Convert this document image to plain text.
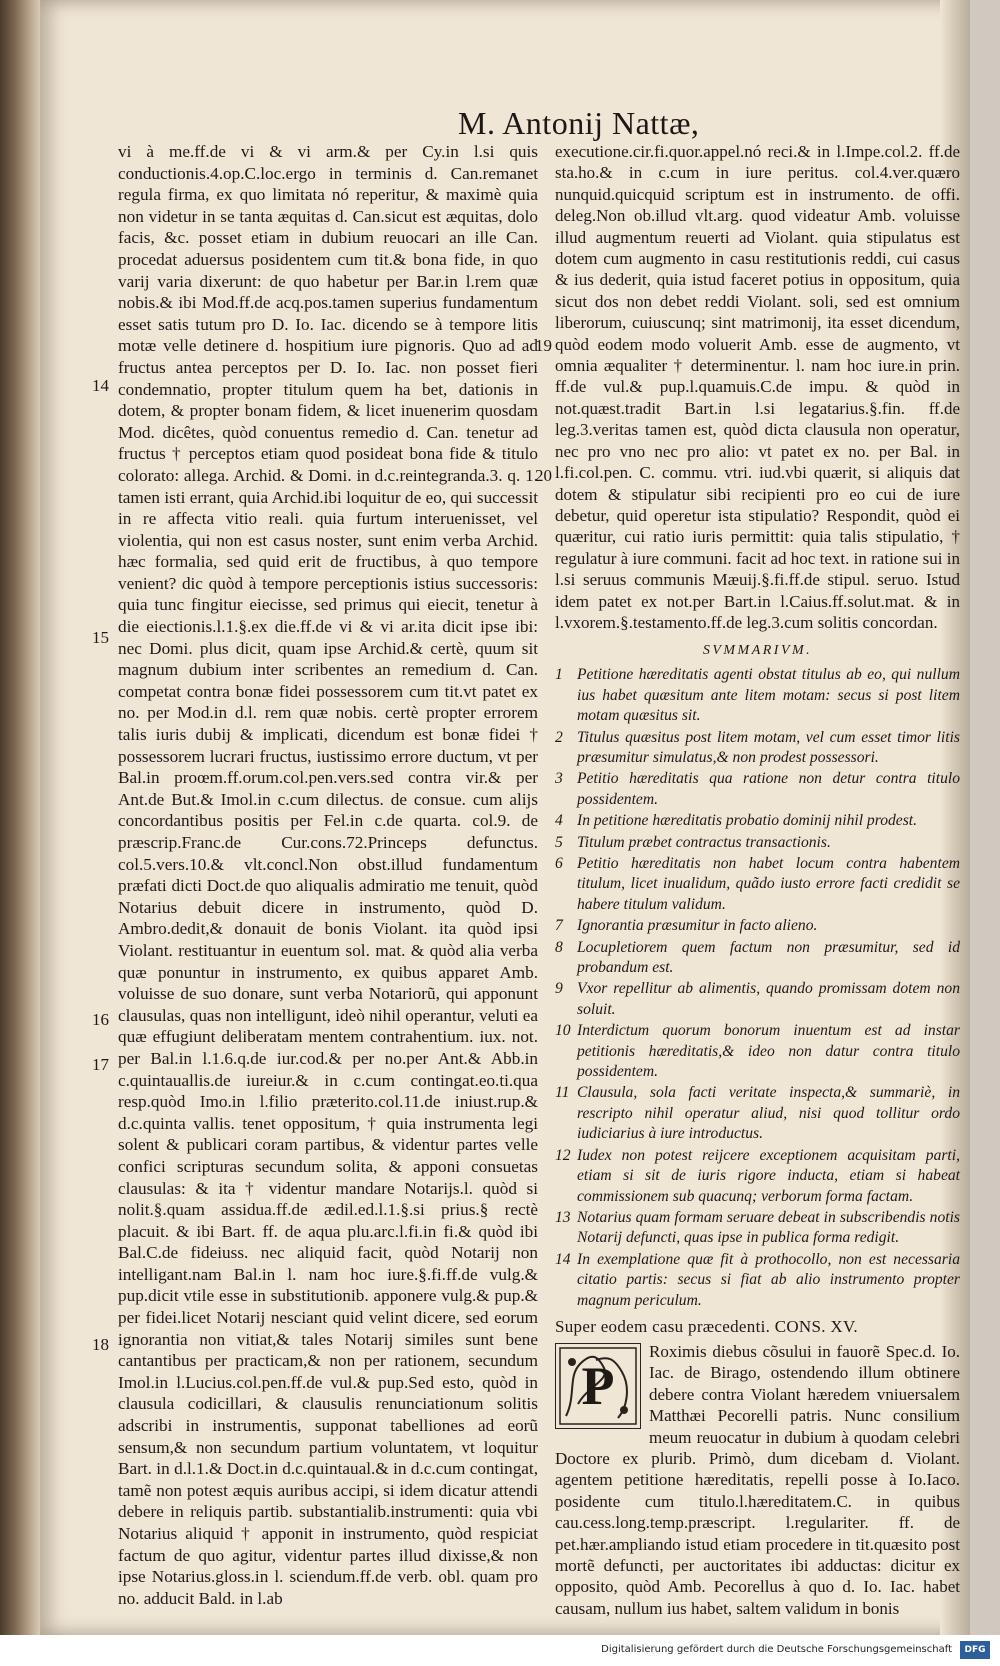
M. Antonij Nattæ,
14
15
16
17
18
19
20

vi à me.ff.de vi & vi arm.& per Cy.in l.si quis conductionis.4.op.C.loc.ergo in terminis d. Can.remanet regula firma, ex quo limitata nó reperitur, & maximè quia non videtur in se tanta æquitas d. Can.sicut est æquitas, dolo facis, &c. posset etiam in dubium reuocari an ille Can. procedat aduersus posidentem cum tit.& bona fide, in quo varij varia dixerunt: de quo habetur per Bar.in l.rem quæ nobis.& ibi Mod.ff.de acq.pos.tamen superius fundamentum esset satis tutum pro D. Io. Iac. dicendo se à tempore litis motæ velle detinere d. hospitium iure pignoris. Quo ad ad fructus antea perceptos per D. Io. Iac. non posset fieri condemnatio, propter titulum quem ha bet, dationis in dotem, & propter bonam fidem, & licet inuenerim quosdam Mod. dicêtes, quòd conuentus remedio d. Can. tenetur ad fructus † perceptos etiam quod posideat bona fide & titulo colorato: allega. Archid. & Domi. in d.c.reintegranda.3. q. 1. tamen isti errant, quia Archid.ibi loquitur de eo, qui successit in re affecta vitio reali. quia furtum interuenisset, vel violentia, qui non est casus noster, sunt enim verba Archid. hæc formalia, sed quid erit de fructibus, à quo tempore venient? dic quòd à tempore perceptionis istius successoris: quia tunc fingitur eiecisse, sed primus qui eiecit, tenetur à die eiectionis.l.1.§.ex die.ff.de vi & vi ar.ita dicit ipse ibi: nec Domi. plus dicit, quam ipse Archid.& certè, quum sit magnum dubium inter scribentes an remedium d. Can. competat contra bonæ fidei possessorem cum tit.vt patet ex no. per Mod.in d.l. rem quæ nobis. certè propter errorem talis iuris dubij & implicati, dicendum est bonæ fidei † possessorem lucrari fructus, iustissimo errore ductum, vt per Bal.in proœm.ff.orum.col.pen.vers.sed contra vir.& per Ant.de But.& Imol.in c.cum dilectus. de consue. cum alijs concordantibus positis per Fel.in c.de quarta. col.9. de præscrip.Franc.de Cur.cons.72.Princeps defunctus. col.5.vers.10.& vlt.concl.Non obst.illud fundamentum præfati dicti Doct.de quo aliqualis admiratio me tenuit, quòd Notarius debuit dicere in instrumento, quòd D. Ambro.dedit,& donauit de bonis Violant. ita quòd ipsi Violant. restituantur in euentum sol. mat. & quòd alia verba quæ ponuntur in instrumento, ex quibus apparet Amb. voluisse de suo donare, sunt verba Notariorũ, qui apponunt clausulas, quas non intelligunt, ideò nihil operantur, veluti ea quæ effugiunt deliberatam mentem contrahentium. iux. not. per Bal.in l.1.6.q.de iur.cod.& per no.per Ant.& Abb.in c.quintauallis.de iureiur.& in c.cum contingat.eo.ti.qua resp.quòd Imo.in l.filio præterito.col.11.de iniust.rup.& d.c.quinta vallis. tenet oppositum, † quia instrumenta legi solent & publicari coram partibus, & videntur partes velle confici scripturas secundum solita, & apponi consuetas clausulas: & ita † videntur mandare Notarijs.l. quòd si nolit.§.quam assidua.ff.de ædil.ed.l.1.§.si prius.§ rectè placuit. & ibi Bart. ff. de aqua plu.arc.l.fi.in fi.& quòd ibi Bal.C.de fideiuss. nec aliquid facit, quòd Notarij non intelligant.nam Bal.in l. nam hoc iure.§.fi.ff.de vulg.& pup.dicit vtile esse in substitutionib. apponere vulg.& pup.& per fidei.licet Notarij nesciant quid velint dicere, sed eorum ignorantia non vitiat,& tales Notarij similes sunt bene cantantibus per practicam,& non per rationem, secundum Imol.in l.Lucius.col.pen.ff.de vul.& pup.Sed esto, quòd in clausula codicillari, & clausulis renunciationum solitis adscribi in instrumentis, supponat tabelliones ad eorũ sensum,& non secundum partium voluntatem, vt loquitur Bart. in d.l.1.& Doct.in d.c.quintaual.& in d.c.cum contingat, tamẽ non potest æquis auribus accipi, si idem dicatur attendi debere in reliquis partib. substantialib.instrumenti: quia vbi Notarius aliquid † apponit in instrumento, quòd respiciat factum de quo agitur, videntur partes illud dixisse,& non ipse Notarius.gloss.in l. sciendum.ff.de verb. obl. quam pro no. adducit Bald. in l.ab

executione.cir.fi.quor.appel.nó reci.& in l.Impe.col.2. ff.de sta.ho.& in c.cum in iure peritus. col.4.ver.quæro nunquid.quicquid scriptum est in instrumento. de offi. deleg.Non ob.illud vlt.arg. quod videatur Amb. voluisse illud augmentum reuerti ad Violant. quia stipulatus est dotem cum augmento in casu restitutionis reddi, cui casus & ius dederit, quia istud faceret potius in oppositum, quia sicut dos non debet reddi Violant. soli, sed est omnium liberorum, cuiuscunq; sint matrimonij, ita esset dicendum, quòd eodem modo voluerit Amb. esse de augmento, vt omnia æqualiter † determinentur. l. nam hoc iure.in prin. ff.de vul.& pup.l.quamuis.C.de impu. & quòd in not.quæst.tradit Bart.in l.si legatarius.§.fin. ff.de leg.3.veritas tamen est, quòd dicta clausula non operatur, nec pro vno nec pro alio: vt patet ex no. per Bal. in l.fi.col.pen. C. commu. vtri. iud.vbi quærit, si aliquis dat dotem & stipulatur sibi recipienti pro eo cui de iure debetur, quid operetur ista stipulatio? Respondit, quòd ei quæritur, cui ratio iuris permittit: quia talis stipulatio, † regulatur à iure communi. facit ad hoc text. in ratione sui in l.si seruus communis Mæuij.§.fi.ff.de stipul. seruo. Istud idem patet ex not.per Bart.in l.Caius.ff.solut.mat. & in l.vxorem.§.testamento.ff.de leg.3.cum solitis concordan.

SVMMARIVM.
1 Petitione hæreditatis agenti obstat titulus ab eo, qui nullum ius habet quæsitum ante litem motam: secus si post litem motam quæsitus sit.
2 Titulus quæsitus post litem motam, vel cum esset timor litis præsumitur simulatus,& non prodest possessori.
3 Petitio hæreditatis qua ratione non detur contra titulo possidentem.
4 In petitione hæreditatis probatio dominij nihil prodest.
5 Titulum præbet contractus transactionis.
6 Petitio hæreditatis non habet locum contra habentem titulum, licet inualidum, quãdo iusto errore facti credidit se habere titulum validum.
7 Ignorantia præsumitur in facto alieno.
8 Locupletiorem quem factum non præsumitur, sed id probandum est.
9 Vxor repellitur ab alimentis, quando promissam dotem non soluit.
10 Interdictum quorum bonorum inuentum est ad instar petitionis hæreditatis,& ideo non datur contra titulo possidentem.
11 Clausula, sola facti veritate inspecta,& summariè, in rescripto nihil operatur aliud, nisi quod tollitur ordo iudiciarius à iure introductus.
12 Iudex non potest reijcere exceptionem acquisitam parti, etiam si sit de iuris rigore inducta, etiam si habeat commissionem sub quacunq; verborum forma factam.
13 Notarius quam formam seruare debeat in subscribendis notis Notarij defuncti, quas ipse in publica forma redigit.
14 In exemplatione quæ fit à prothocollo, non est necessaria citatio partis: secus si fiat ab alio instrumento propter magnum periculum.
Super eodem casu præcedenti. CONS. XV.
P

Roximis diebus cõsului in fauorẽ Spec.d. Io. Iac. de Birago, ostendendo illum obtinere debere contra Violant hæredem vniuersalem Matthæi Pecorelli patris. Nunc consilium meum reuocatur in dubium à quodam celebri Doctore ex plurib. Primò, dum dicebam d. Violant. agentem petitione hæreditatis, repelli posse à Io.Iaco. posidente cum titulo.l.hæreditatem.C. in quibus cau.cess.long.temp.præscript. l.regulariter. ff. de pet.hær.ampliando istud etiam procedere in tit.quæsito post mortẽ defuncti, per auctoritates ibi adductas: dicitur ex opposito, quòd Amb. Pecorellus à quo d. Io. Iac. habet causam, nullum ius habet, saltem validum in bonis

Digitalisierung gefördert durch die Deutsche Forschungsgemeinschaft	DFG
